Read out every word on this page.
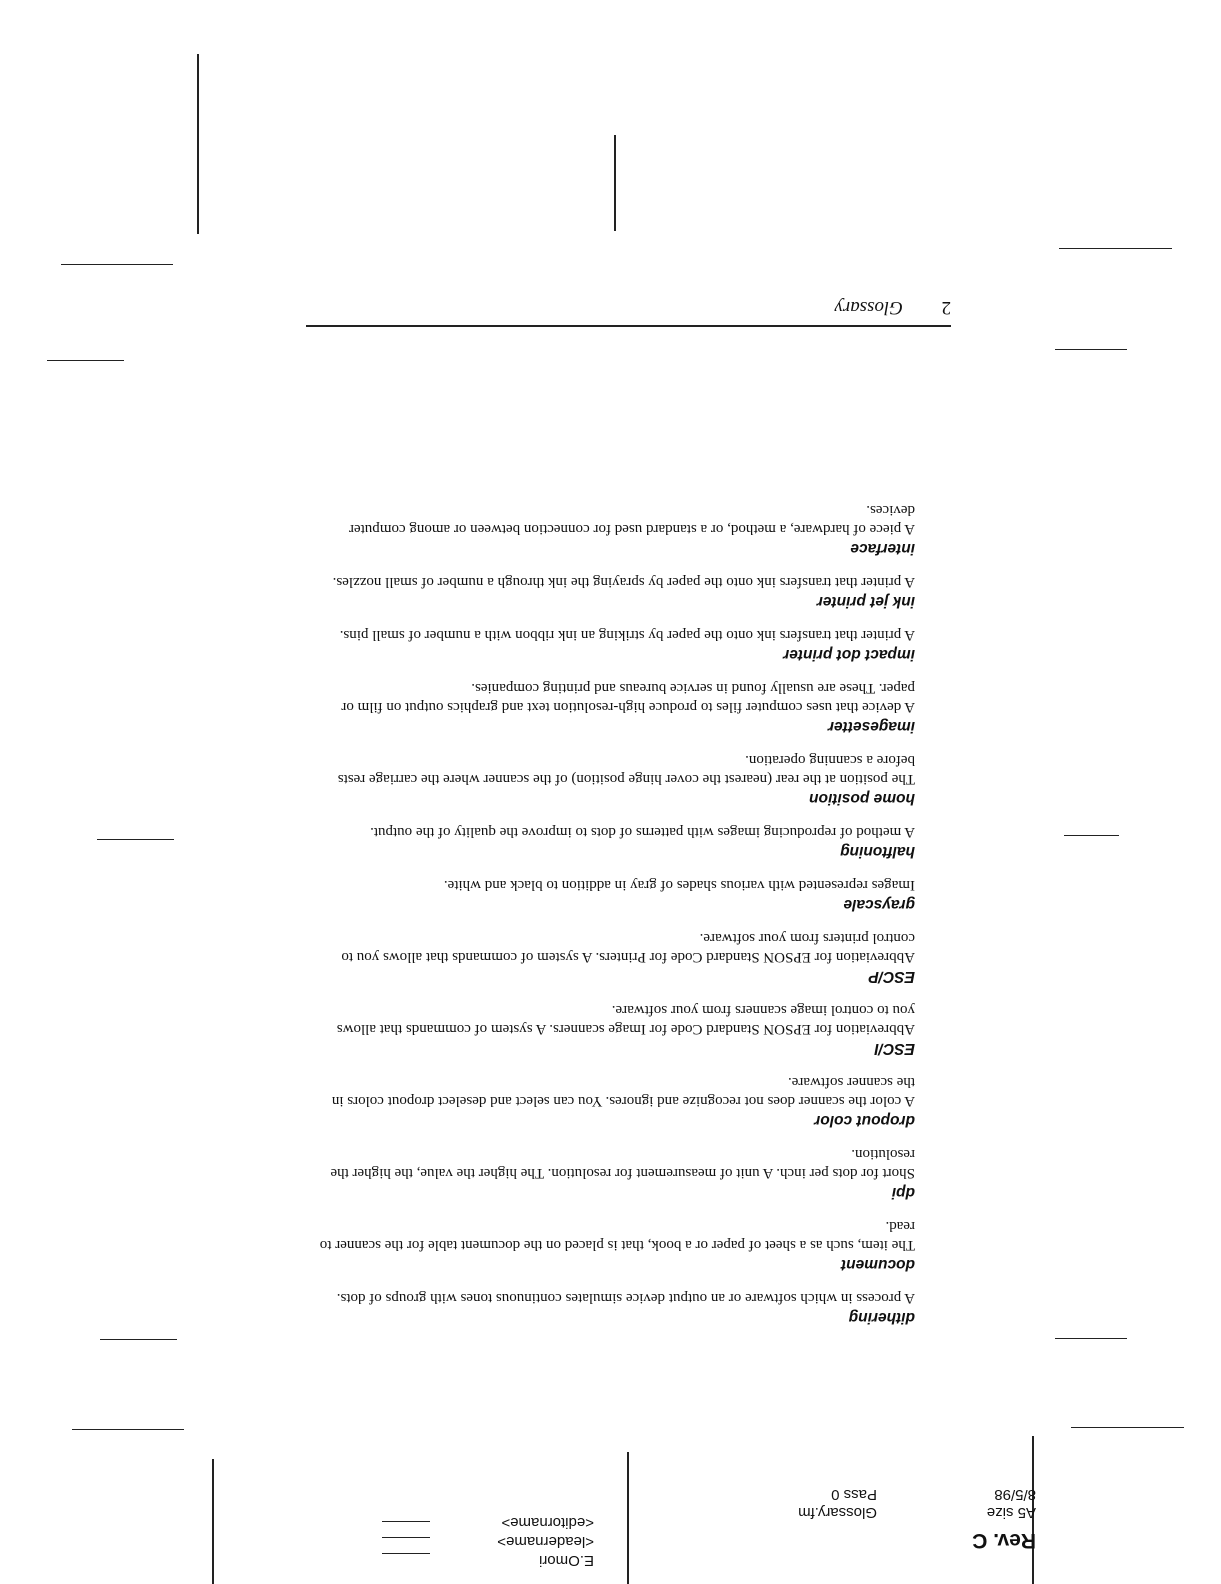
2
Glossary

dithering

A process in which software or an output device simulates continuous tones with groups of dots.

document

The item, such as a sheet of paper or a book, that is placed on the document table for the scanner to read.

dpi

Short for dots per inch. A unit of measurement for resolution. The higher the value, the higher the resolution.

dropout color

A color the scanner does not recognize and ignores. You can select and deselect dropout colors in the scanner software.

ESC/I

Abbreviation for EPSON Standard Code for Image scanners. A system of commands that allows you to control image scanners from your software.

ESC/P

Abbreviation for EPSON Standard Code for Printers. A system of commands that allows you to control printers from your software.

grayscale

Images represented with various shades of gray in addition to black and white.

halftoning

A method of reproducing images with patterns of dots to improve the quality of the output.

home position

The position at the rear (nearest the cover hinge position) of the scanner where the carriage rests before a scanning operation.

imagesetter

A device that uses computer files to produce high-resolution text and graphics output on film or paper. These are usually found in service bureaus and printing companies.

impact dot printer

A printer that transfers ink onto the paper by striking an ink ribbon with a number of small pins.

ink jet printer

A printer that transfers ink onto the paper by spraying the ink through a number of small nozzles.

interface

A piece of hardware, a method, or a standard used for connection between or among computer devices.

Rev. C
A5 size
8/5/98
Glossary.fm
Pass 0
E.Omori
<leadername>
<editorname>
